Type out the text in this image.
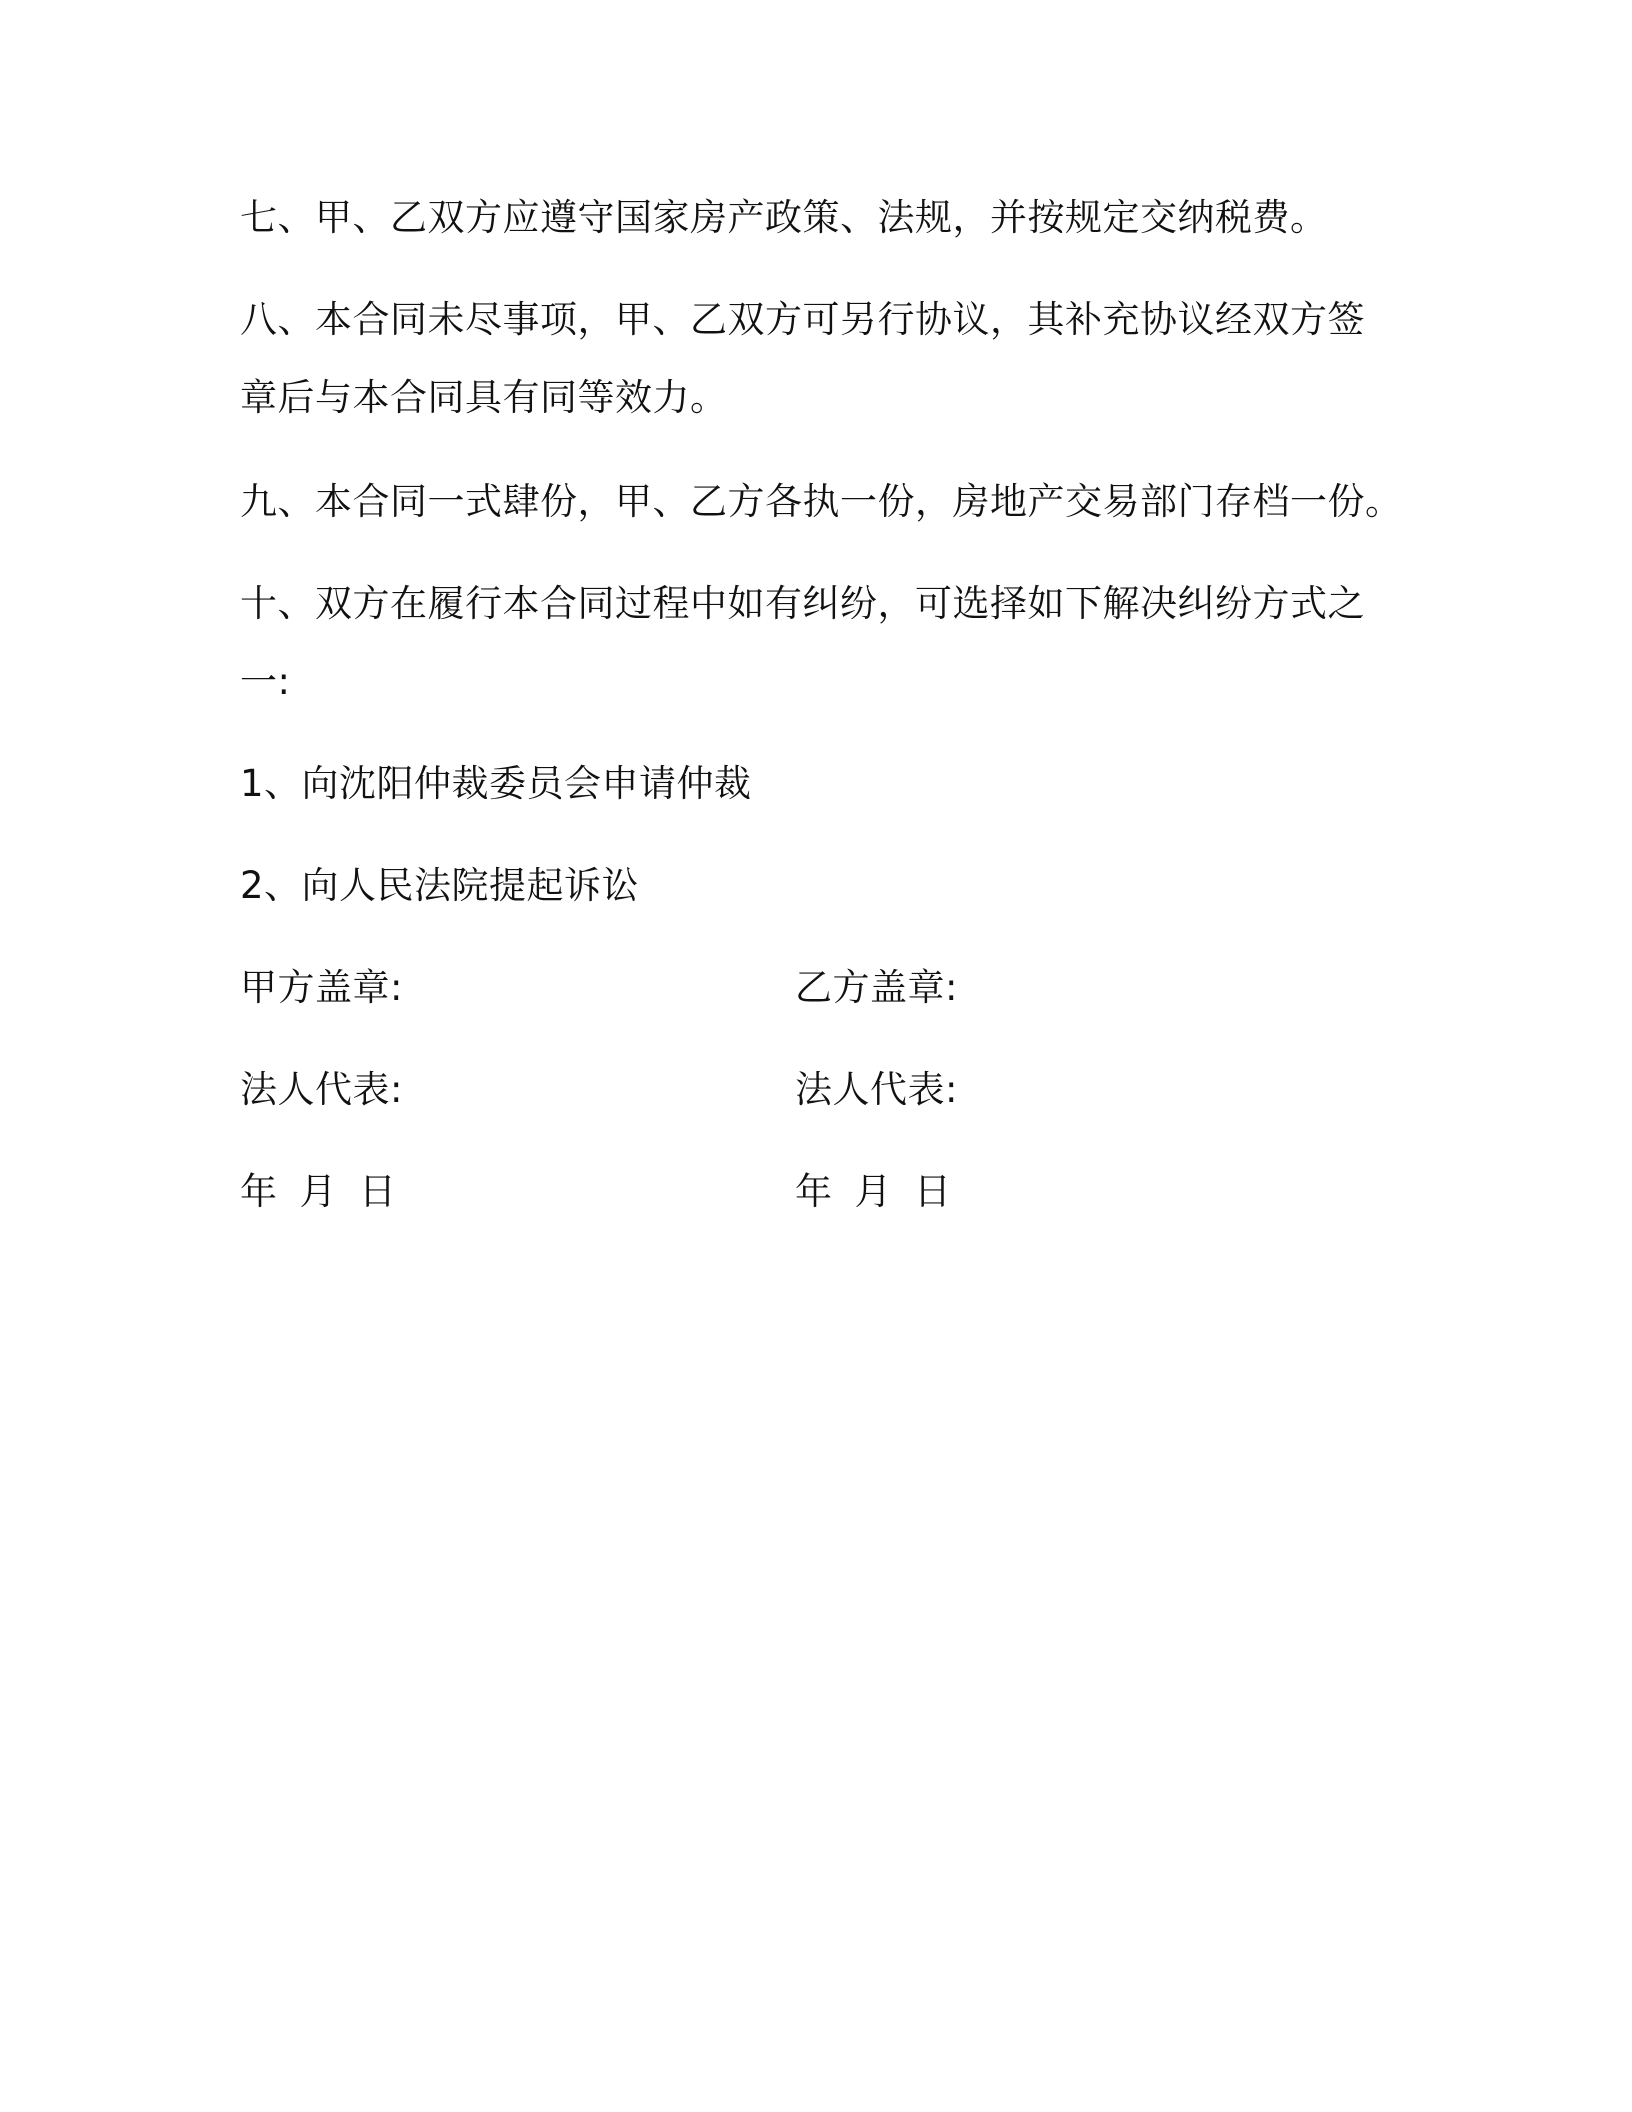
七、甲、乙双方应遵守国家房产政策、法规，并按规定交纳税费。
八、本合同未尽事项，甲、乙双方可另行协议，其补充协议经双方签
章后与本合同具有同等效力。
九、本合同一式肆份，甲、乙方各执一份，房地产交易部门存档一份。
十、双方在履行本合同过程中如有纠纷，可选择如下解决纠纷方式之
一:
1、向沈阳仲裁委员会申请仲裁
2、向人民法院提起诉讼
甲方盖章:
法人代表:
年 月 日
乙方盖章:
法人代表:
年 月 日
